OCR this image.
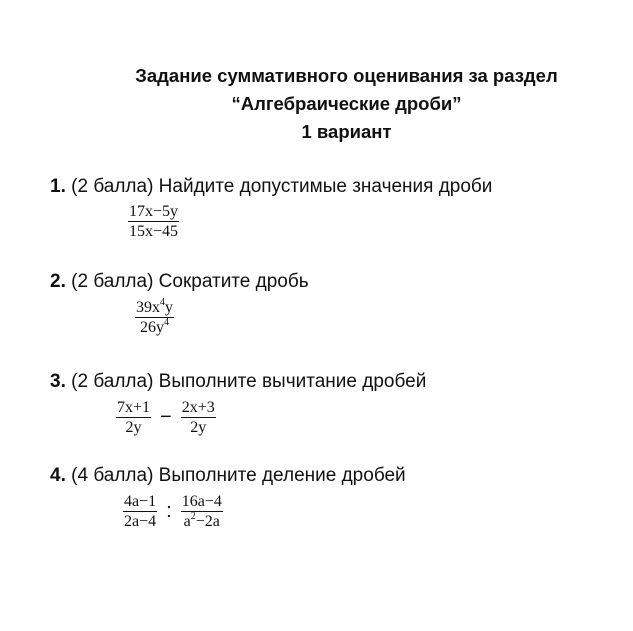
Задание суммативного оценивания за раздел
“Алгебраические дроби”
1 вариант
1. (2 балла) Найдите допустимые значения дроби
$\frac{17x-5y}{15x-45}$
2. (2 балла) Сократите дробь
$\frac{39x^4y}{26y^4}$
3. (2 балла) Выполните вычитание дробей
$\frac{7x+1}{2y} - \frac{2x+3}{2y}$
4. (4 балла) Выполните деление дробей
$\frac{4a-1}{2a-4}$ : $\frac{16a-4}{a^2-2a}$
